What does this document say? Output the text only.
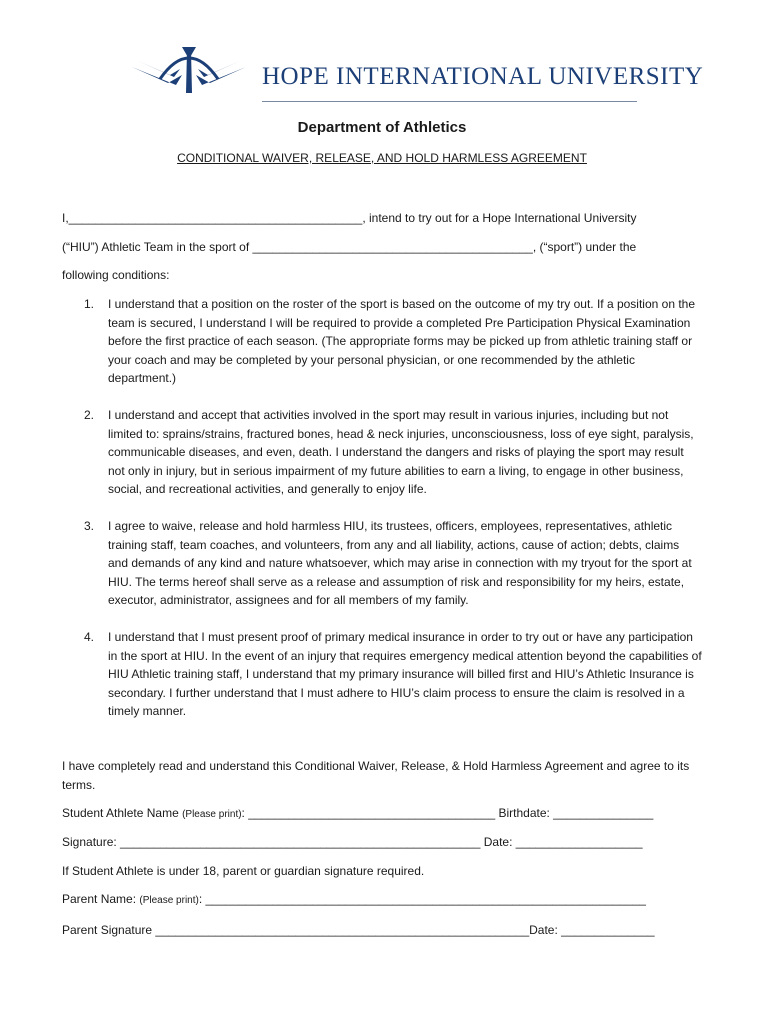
HOPE INTERNATIONAL UNIVERSITY
Department of Athletics
CONDITIONAL WAIVER, RELEASE, AND HOLD HARMLESS AGREEMENT
I,____________________________________________, intend to try out for a Hope International University
(“HIU”) Athletic Team in the sport of __________________________________________, (“sport”) under the
following conditions:
1. I understand that a position on the roster of the sport is based on the outcome of my try out. If a position on the team is secured, I understand I will be required to provide a completed Pre Participation Physical Examination before the first practice of each season. (The appropriate forms may be picked up from athletic training staff or your coach and may be completed by your personal physician, or one recommended by the athletic department.)
2. I understand and accept that activities involved in the sport may result in various injuries, including but not limited to: sprains/strains, fractured bones, head & neck injuries, unconsciousness, loss of eye sight, paralysis, communicable diseases, and even, death. I understand the dangers and risks of playing the sport may result not only in injury, but in serious impairment of my future abilities to earn a living, to engage in other business, social, and recreational activities, and generally to enjoy life.
3. I agree to waive, release and hold harmless HIU, its trustees, officers, employees, representatives, athletic training staff, team coaches, and volunteers, from any and all liability, actions, cause of action; debts, claims and demands of any kind and nature whatsoever, which may arise in connection with my tryout for the sport at HIU. The terms hereof shall serve as a release and assumption of risk and responsibility for my heirs, estate, executor, administrator, assignees and for all members of my family.
4. I understand that I must present proof of primary medical insurance in order to try out or have any participation in the sport at HIU. In the event of an injury that requires emergency medical attention beyond the capabilities of HIU Athletic training staff, I understand that my primary insurance will billed first and HIU’s Athletic Insurance is secondary. I further understand that I must adhere to HIU’s claim process to ensure the claim is resolved in a timely manner.
I have completely read and understand this Conditional Waiver, Release, & Hold Harmless Agreement and agree to its terms.
Student Athlete Name (Please print): _____________________________________ Birthdate: _______________
Signature: ______________________________________________________ Date: ___________________
If Student Athlete is under 18, parent or guardian signature required.
Parent Name: (Please print): __________________________________________________________________
Parent Signature ________________________________________________________Date: ______________
